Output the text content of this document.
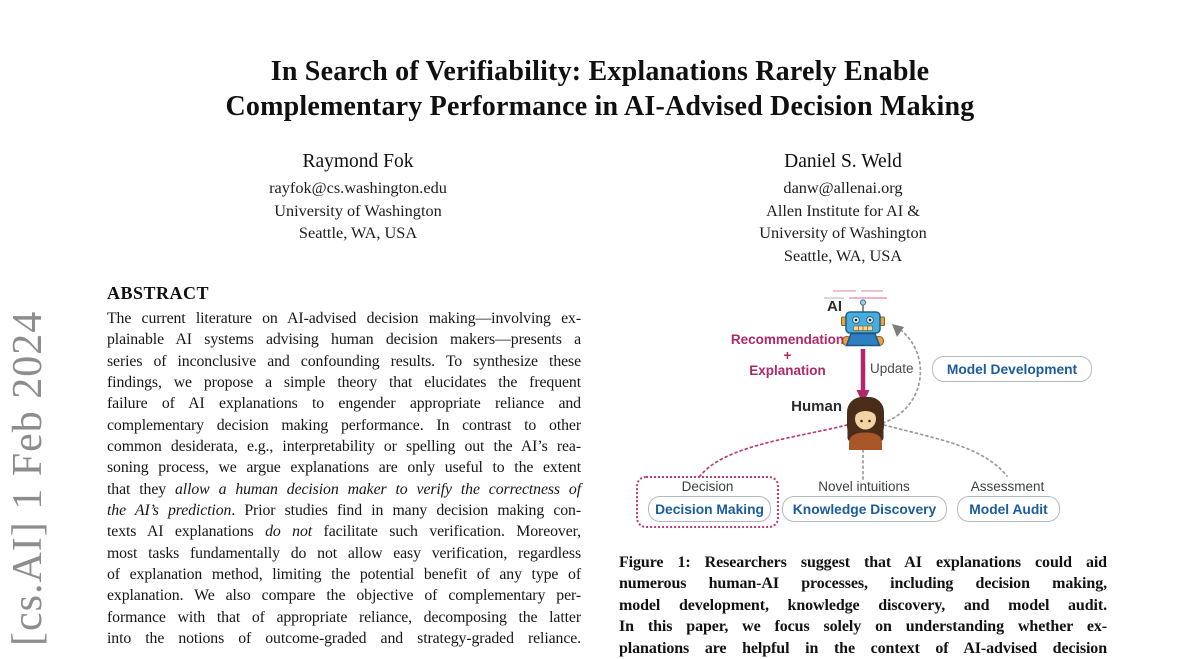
[cs.AI] 1 Feb 2024
In Search of Verifiability: Explanations Rarely Enable
Complementary Performance in AI-Advised Decision Making
Raymond Fok
rayfok@cs.washington.edu
University of Washington
Seattle, WA, USA
Daniel S. Weld
danw@allenai.org
Allen Institute for AI &
University of Washington
Seattle, WA, USA
ABSTRACT
The current literature on AI-advised decision making—involving ex-
plainable AI systems advising human decision makers—presents a
series of inconclusive and confounding results. To synthesize these
findings, we propose a simple theory that elucidates the frequent
failure of AI explanations to engender appropriate reliance and
complementary decision making performance. In contrast to other
common desiderata, e.g., interpretability or spelling out the AI’s rea-
soning process, we argue explanations are only useful to the extent
that they allow a human decision maker to verify the correctness of
the AI’s prediction. Prior studies find in many decision making con-
texts AI explanations do not facilitate such verification. Moreover,
most tasks fundamentally do not allow easy verification, regardless
of explanation method, limiting the potential benefit of any type of
explanation. We also compare the objective of complementary per-
formance with that of appropriate reliance, decomposing the latter
into the notions of outcome-graded and strategy-graded reliance.
AI
Human
Recommendation
+
Explanation	Update	Model Development
Decision	Novel intuitions	Assessment
Decision Making	Knowledge Discovery	Model Audit
Figure 1: Researchers suggest that AI explanations could aid
numerous human-AI processes, including decision making,
model development, knowledge discovery, and model audit.
In this paper, we focus solely on understanding whether ex-
planations are helpful in the context of AI-advised decision
